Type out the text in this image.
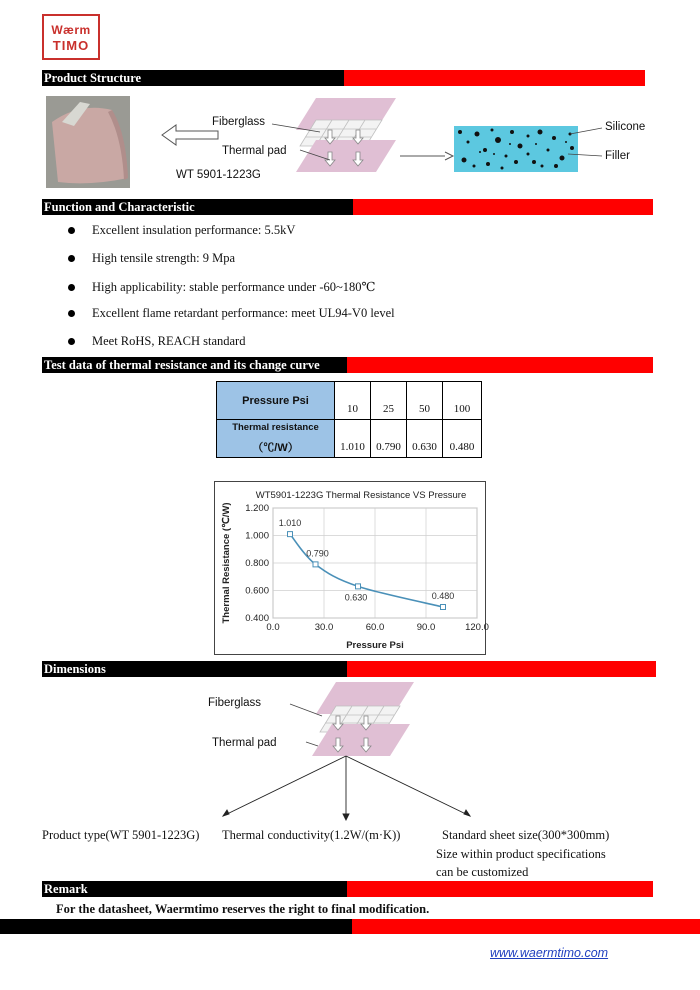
Wærm
TIMO
Product Structure
Fiberglass
Thermal pad
WT 5901-1223G
Silicone
Filler
Function and Characteristic
Excellent insulation performance: 5.5kV
High tensile strength: 9 Mpa
High applicability: stable performance under -60~180℃
Excellent flame retardant performance: meet UL94-V0 level
Meet RoHS, REACH standard
Test data of thermal resistance and its change curve
Pressure Psi	10	25	50	100

Thermal resistance
（℃/W）	1.010	0.790	0.630	0.480
0.0	30.0	60.0	90.0	120.0
1.200
1.000
0.800
0.600
0.400
WT5901-1223G Thermal Resistance VS Pressure
Pressure Psi
Thermal Resistance (℃/W)	1.010
0.790
0.630	0.480
Dimensions
Fiberglass
Thermal pad
Product type(WT 5901-1223G) Thermal conductivity(1.2W/(m·K))	Standard sheet size(300*300mm)
Size within product specifications
can be customized
Remark
For the datasheet, Waermtimo reserves the right to final modification.
www.waermtimo.com
